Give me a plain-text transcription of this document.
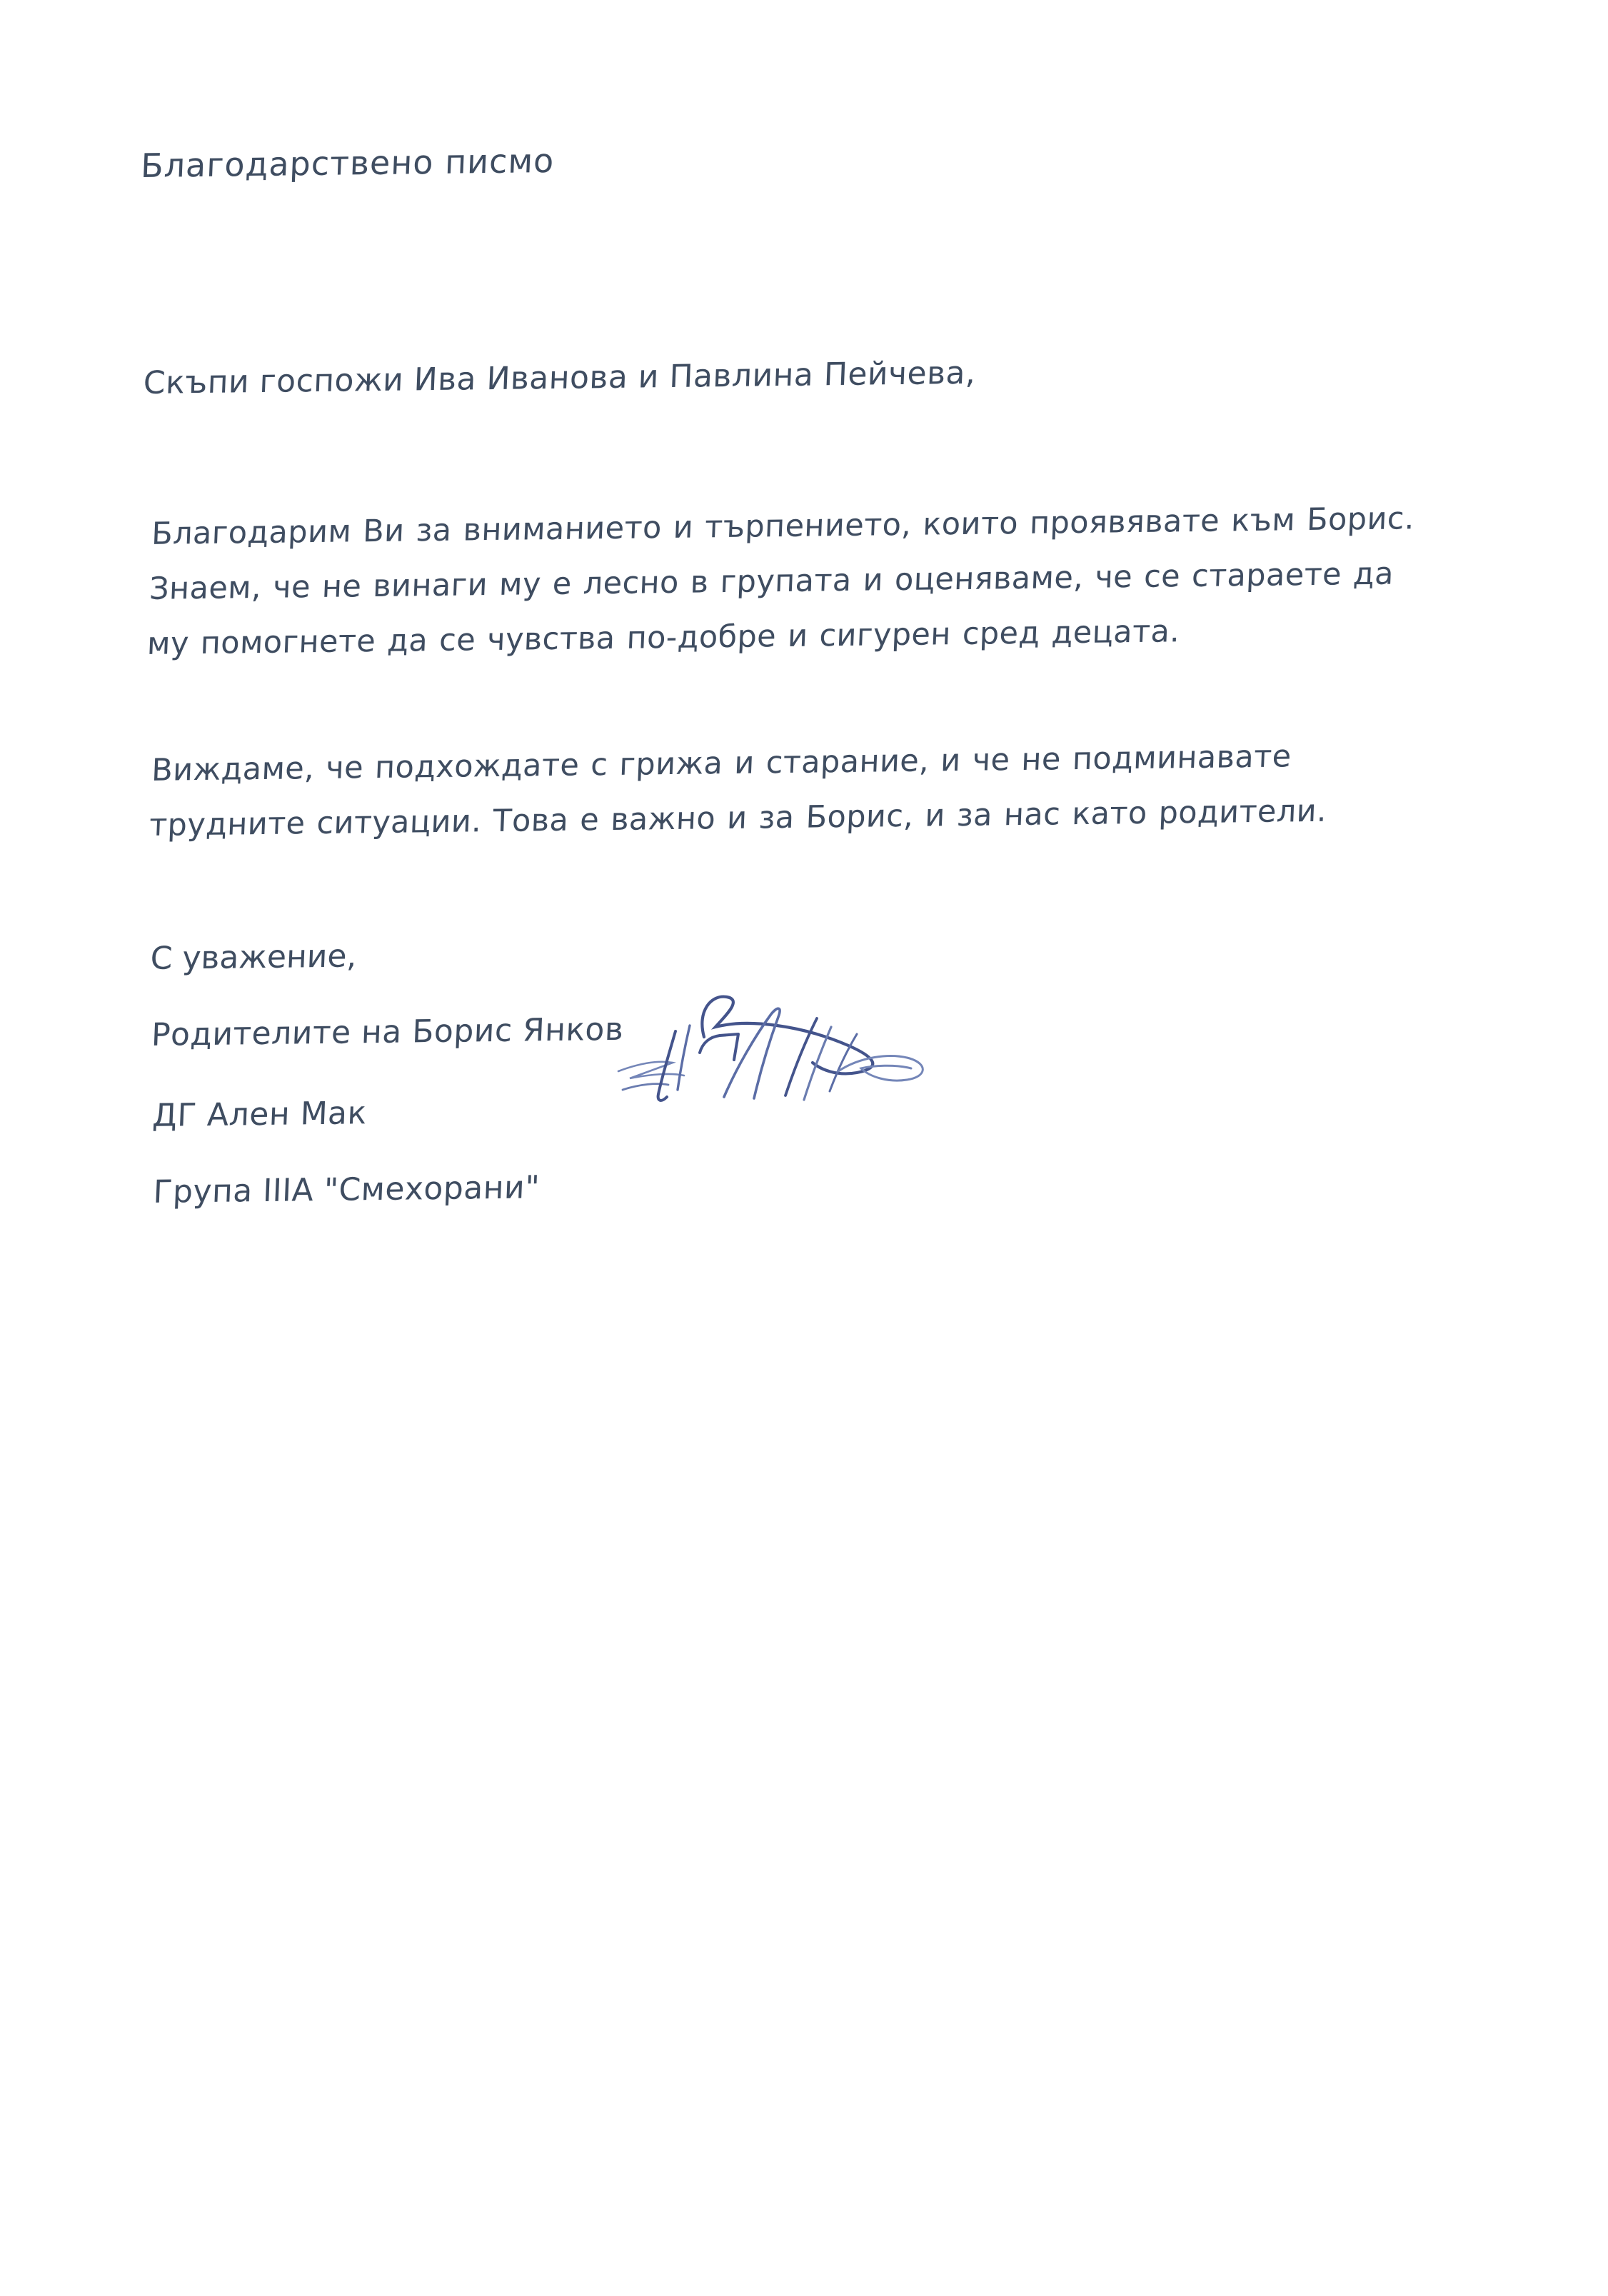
Благодарствено писмо
Скъпи госпожи Ива Иванова и Павлина Пейчева,
Благодарим Ви за вниманието и търпението, които проявявате към Борис. Знаем, че не винаги му е лесно в групата и оценяваме, че се стараете да му помогнете да се чувства по-добре и сигурен сред децата.
Виждаме, че подхождате с грижа и старание, и че не подминавате трудните ситуации. Това е важно и за Борис, и за нас като родители.
С уважение,
Родителите на Борис Янков
ДГ Ален Мак
Група IIIA "Смехорани"
